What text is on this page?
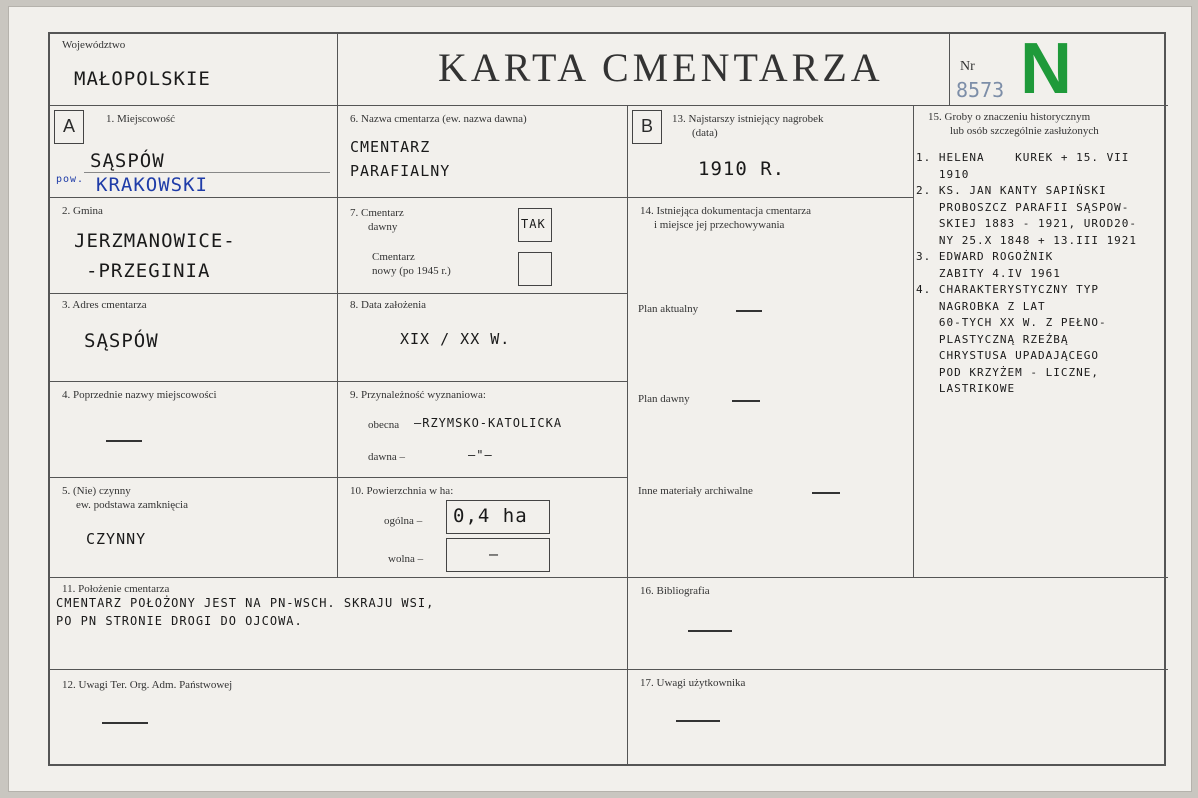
Województwo
MAŁOPOLSKIE	KARTA CMENTARZA	Nr
8573 N
A	1. Miejscowość
SĄSPÓW
pow. KRAKOWSKI
2. Gmina
JERZMANOWICE-
-PRZEGINIA
3. Adres cmentarza
SĄSPÓW
4. Poprzednie nazwy miejscowości
5. (Nie) czynny
ew. podstawa zamknięcia
CZYNNY
6. Nazwa cmentarza (ew. nazwa dawna)
CMENTARZ
PARAFIALNY
7. Cmentarz
dawny	TAK
Cmentarz
nowy (po 1945 r.)
8. Data założenia
XIX / XX W.
9. Przynależność wyznaniowa:
obecna –RZYMSKO-KATOLICKA
dawna –	–"–
10. Powierzchnia w ha:
ogólna – 0,4 ha
wolna –	–
B	13. Najstarszy istniejący nagrobek
(data)
1910 R.
14. Istniejąca dokumentacja cmentarza
i miejsce jej przechowywania
Plan aktualny
Plan dawny
Inne materiały archiwalne
15. Groby o znaczeniu historycznym
lub osób szczególnie zasłużonych
1. HELENA    KUREK + 15. VII
1910
2. KS. JAN KANTY SAPIŃSKI
PROBOSZCZ PARAFII SĄSPOW-
SKIEJ 1883 - 1921, UROD20-
NY 25.X 1848 + 13.III 1921
3. EDWARD ROGOŻNIK
ZABITY 4.IV 1961
4. CHARAKTERYSTYCZNY TYP
NAGROBKA Z LAT
60-TYCH XX W. Z PEŁNO-
PLASTYCZNĄ RZEŹBĄ
CHRYSTUSA UPADAJĄCEGO
POD KRZYŻEM - LICZNE,
LASTRIKOWE
11. Położenie cmentarza
CMENTARZ POŁOŻONY JEST NA PN-WSCH. SKRAJU WSI,
PO PN STRONIE DROGI DO OJCOWA.
16. Bibliografia
12. Uwagi Ter. Org. Adm. Państwowej	17. Uwagi użytkownika
